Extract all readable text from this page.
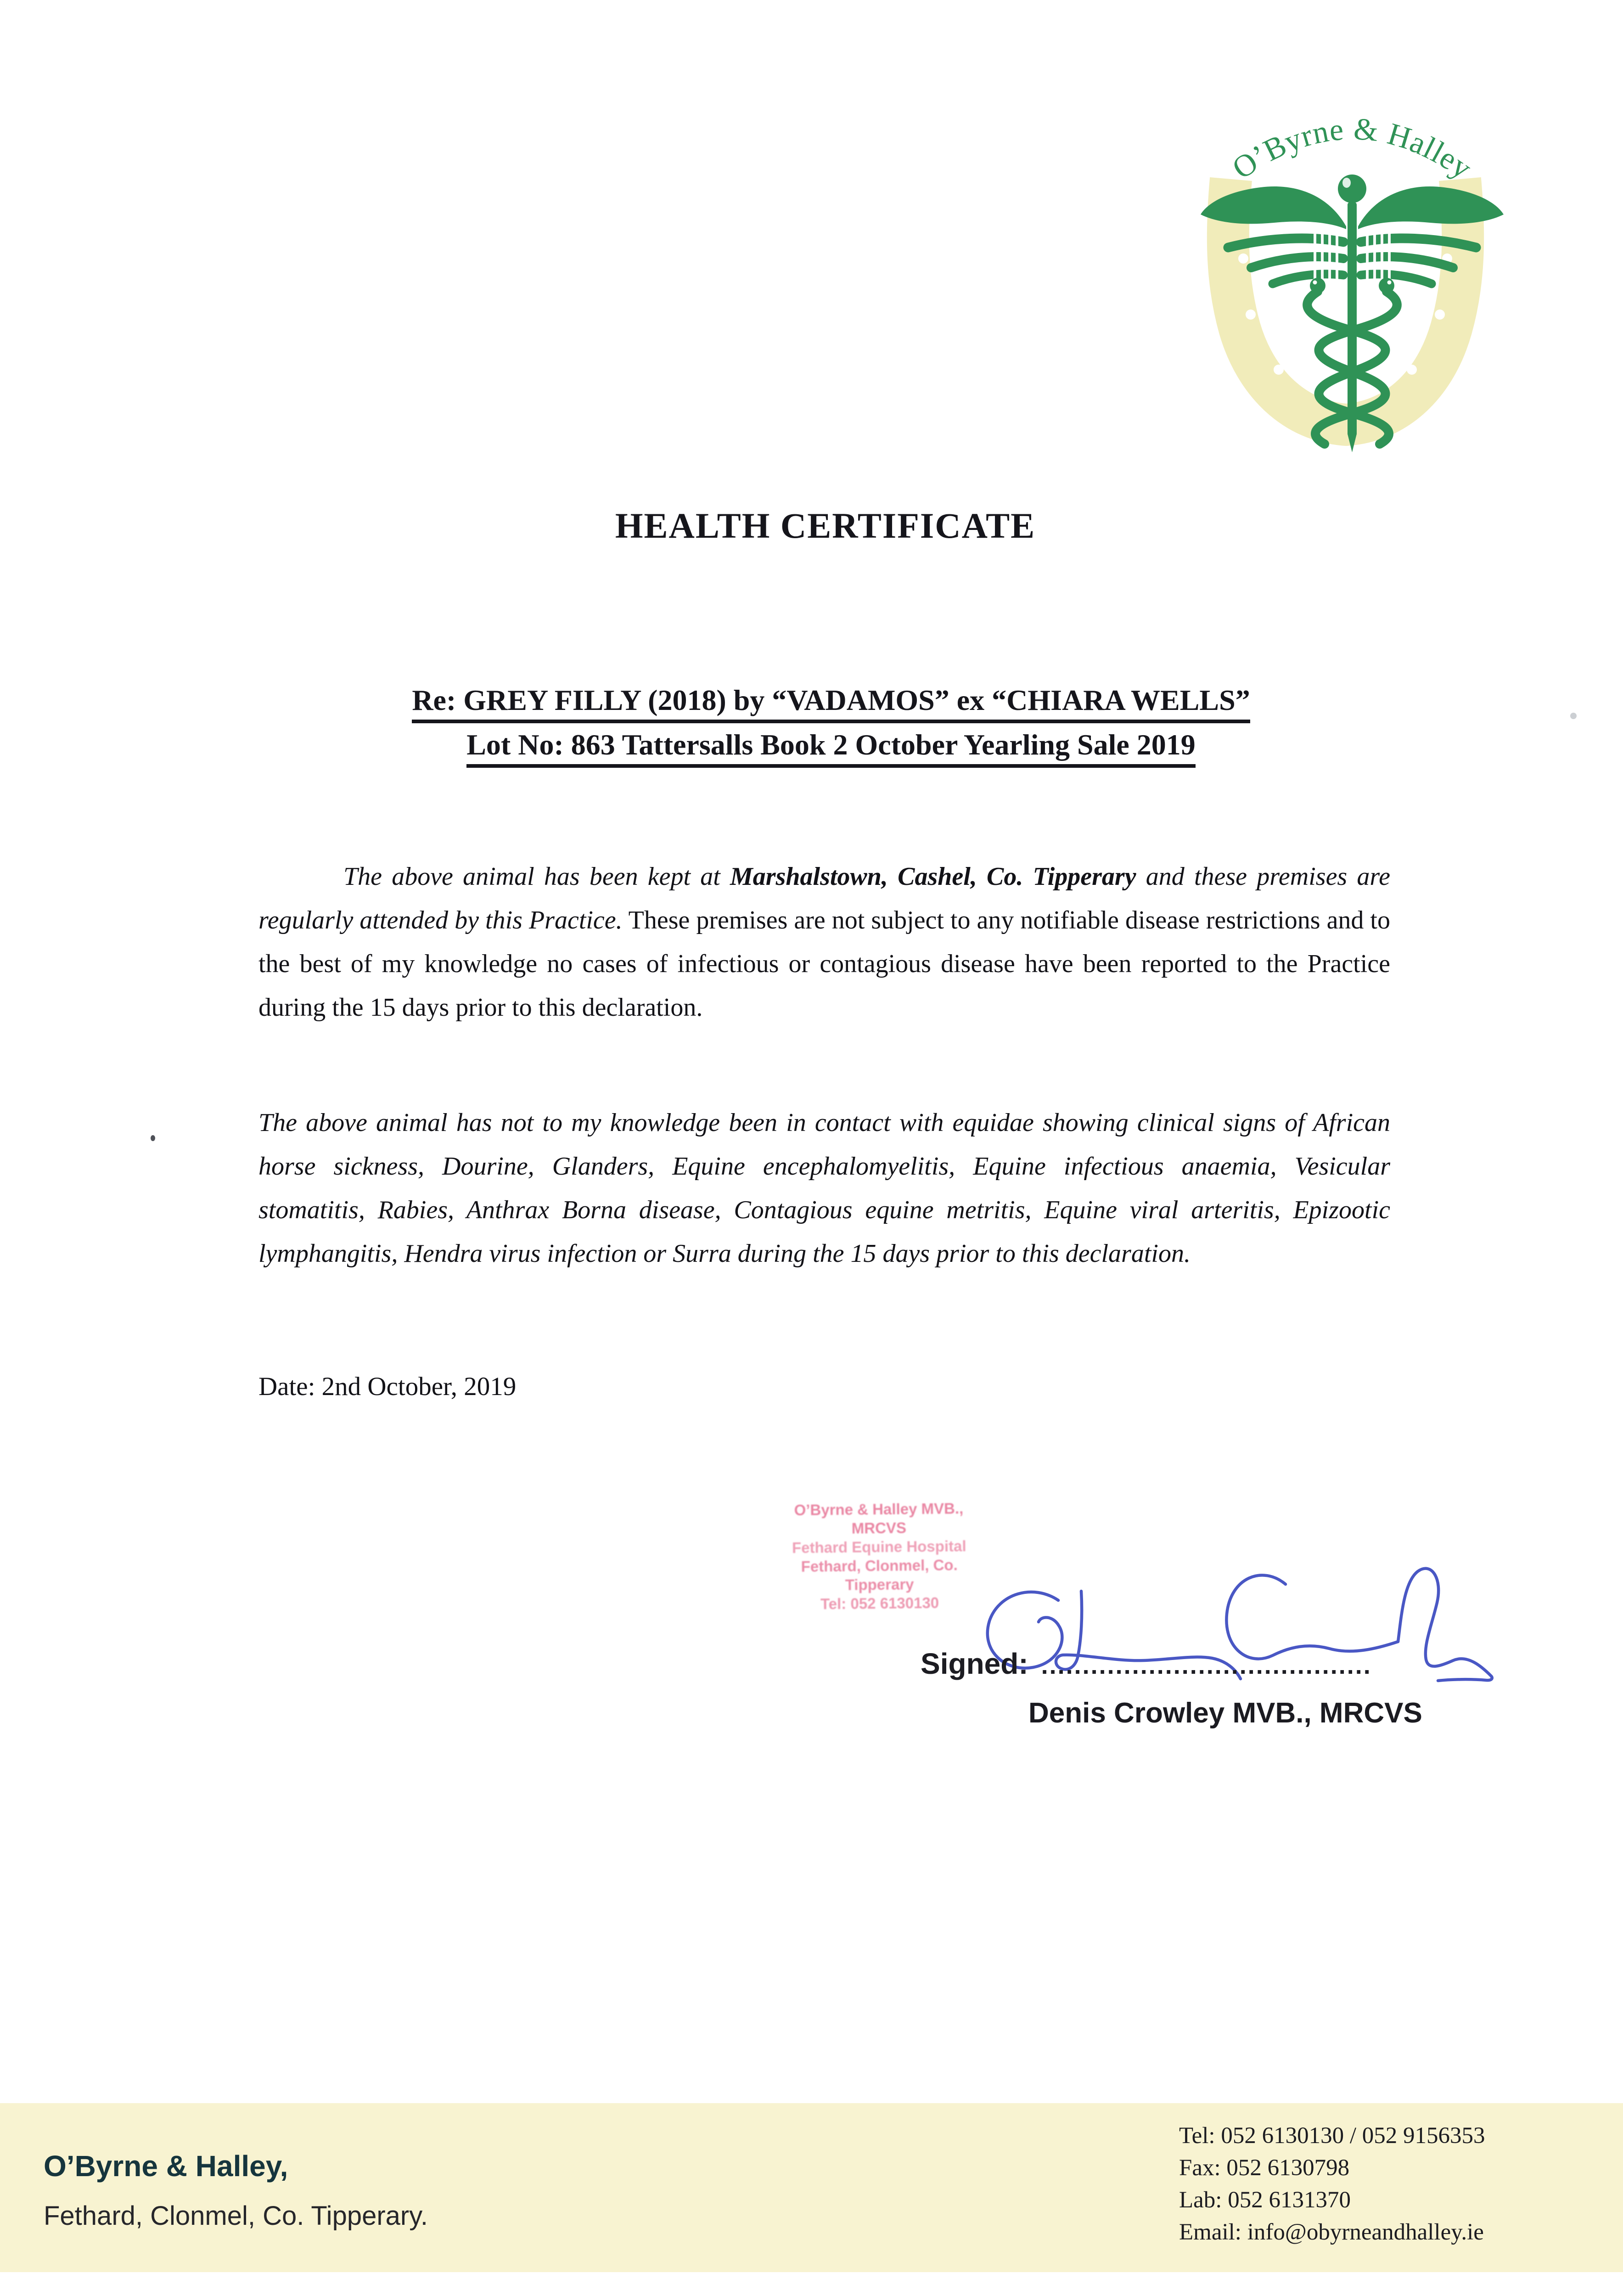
O’Byrne & Halley
HEALTH CERTIFICATE
Re: GREY FILLY (2018) by “VADAMOS” ex “CHIARA WELLS”
Lot No: 863 Tattersalls Book 2 October Yearling Sale 2019
The above animal has been kept at Marshalstown, Cashel, Co. Tipperary and these premises are regularly attended by this Practice. These premises are not subject to any notifiable disease restrictions and to the best of my knowledge no cases of infectious or contagious disease have been reported to the Practice during the 15 days prior to this declaration.
The above animal has not to my knowledge been in contact with equidae showing clinical signs of African horse sickness, Dourine, Glanders, Equine encephalomyelitis, Equine infectious anaemia, Vesicular stomatitis, Rabies, Anthrax Borna disease, Contagious equine metritis, Equine viral arteritis, Epizootic lymphangitis, Hendra virus infection or Surra during the 15 days prior to this declaration.
Date: 2nd October, 2019
O’Byrne & Halley MVB., MRCVS
Fethard Equine Hospital
Fethard, Clonmel, Co. Tipperary
Tel: 052 6130130
Signed: ........................................
Denis Crowley MVB., MRCVS
O’Byrne & Halley,
Fethard, Clonmel, Co. Tipperary.
Tel: 052 6130130 / 052 9156353
Fax: 052 6130798
Lab: 052 6131370
Email: info@obyrneandhalley.ie
